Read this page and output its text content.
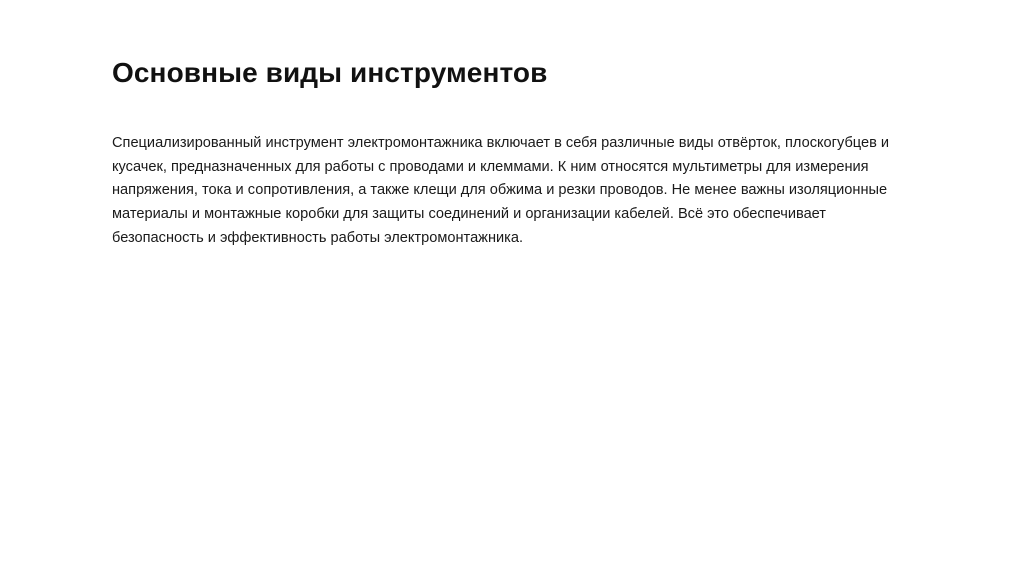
Основные виды инструментов

Специализированный инструмент электромонтажника включает в себя различные виды отвёрток, плоскогубцев и кусачек, предназначенных для работы с проводами и клеммами. К ним относятся мультиметры для измерения напряжения, тока и сопротивления, а также клещи для обжима и резки проводов. Не менее важны изоляционные материалы и монтажные коробки для защиты соединений и организации кабелей. Всё это обеспечивает безопасность и эффективность работы электромонтажника.
